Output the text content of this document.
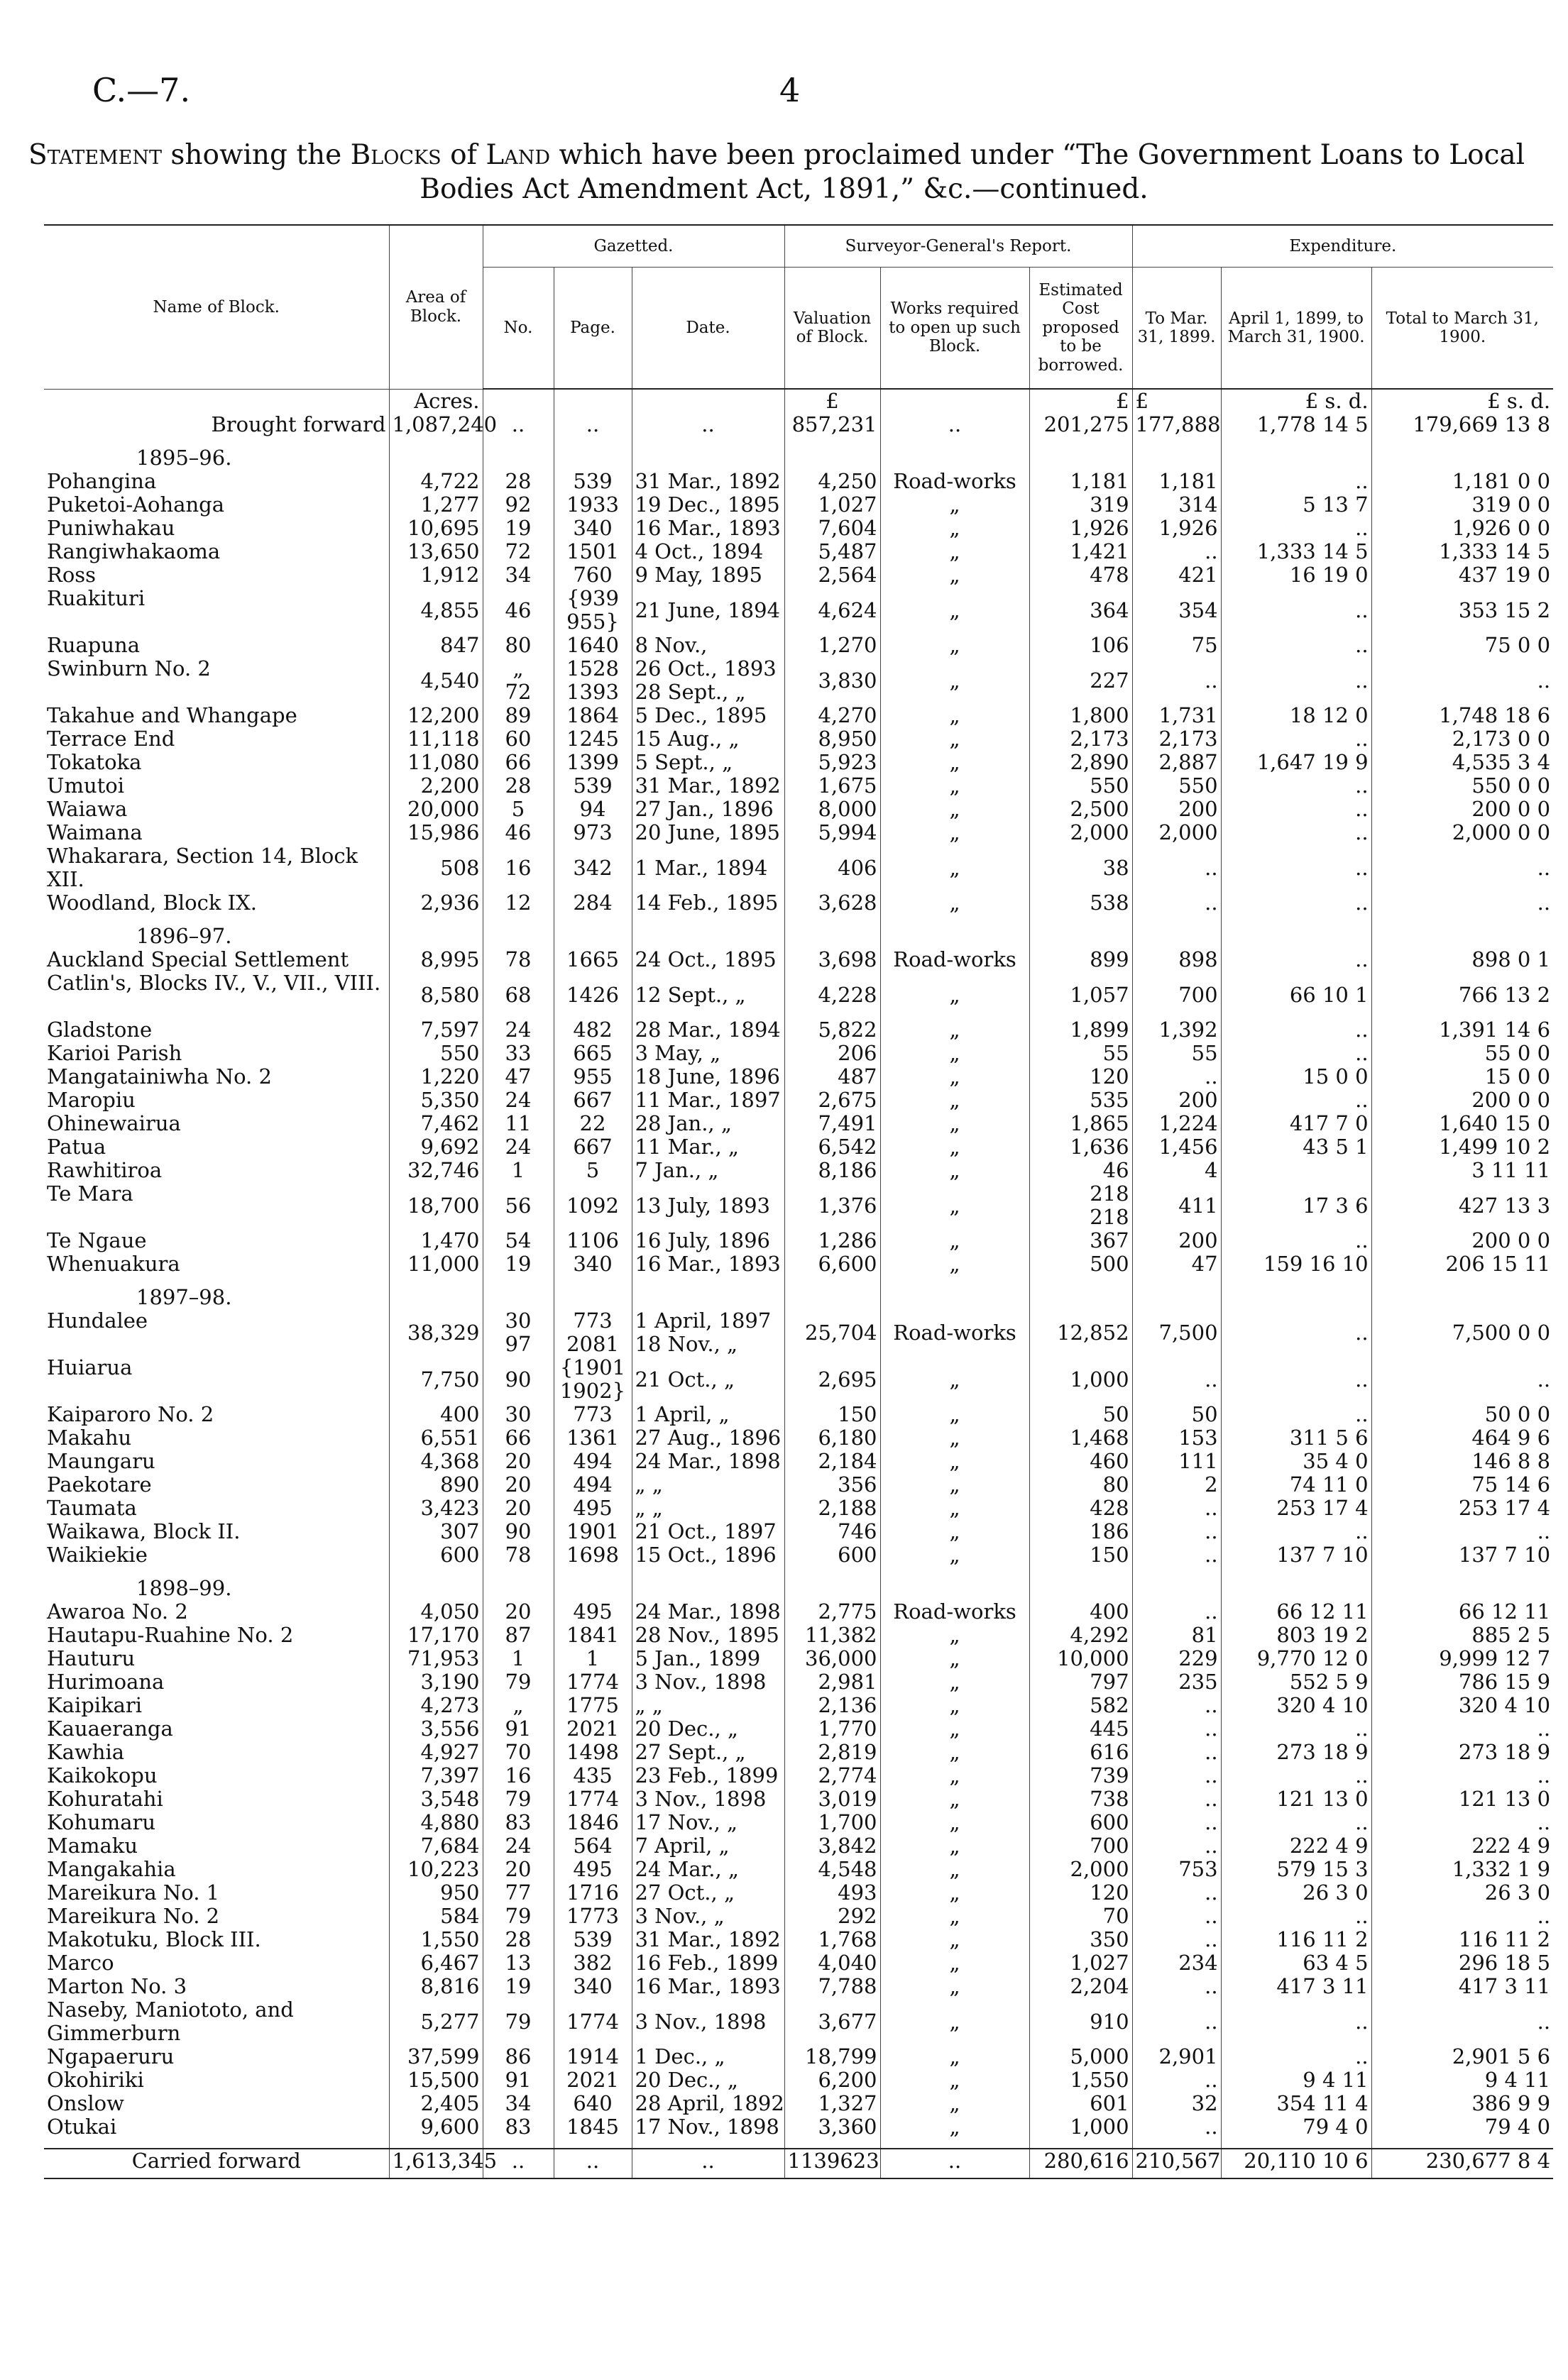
C.—7.	4
Statement showing the Blocks of Land which have been proclaimed under “The Government Loans to Local
Bodies Act Amendment Act, 1891,” &c.—continued.
Name of Block.	Area of Block.	Gazetted.			Surveyor-General's Report.			Expenditure.		
		No.	Page.	Date.	Valuation of Block.	Works required to open up such Block.	Estimated Cost proposed to be borrowed.	To Mar. 31, 1899.	April 1, 1899, to March 31, 1900.	Total to March 31, 1900.
	Acres.				£		£	£	£ s. d.	£ s. d.
Brought forward	1,087,240	..	..	..	857,231	..	201,275	177,888	1,778 14 5	179,669 13 8

1895–96.										
Pohangina	4,722	28	539	31 Mar., 1892	4,250	Road-works	1,181	1,181	..	1,181 0 0
Puketoi-Aohanga	1,277	92	1933	19 Dec., 1895	1,027	„	319	314	5 13 7	319 0 0
Puniwhakau	10,695	19	340	16 Mar., 1893	7,604	„	1,926	1,926	..	1,926 0 0
Rangiwhakaoma	13,650	72	1501	4 Oct., 1894	5,487	„	1,421	..	1,333 14 5	1,333 14 5
Ross	1,912	34	760	9 May, 1895	2,564	„	478	421	16 19 0	437 19 0
Ruakituri	4,855	46	{939
955}	21 June, 1894	4,624	„	364	354	..	353 15 2
Ruapuna	847	80	1640	8 Nov.,	1,270	„	106	75	..	75 0 0
Swinburn No. 2	4,540	„
72	1528
1393	26 Oct., 1893
28 Sept., „	3,830	„	227	..	..	..
Takahue and Whangape	12,200	89	1864	5 Dec., 1895	4,270	„	1,800	1,731	18 12 0	1,748 18 6
Terrace End	11,118	60	1245	15 Aug., „	8,950	„	2,173	2,173	..	2,173 0 0
Tokatoka	11,080	66	1399	5 Sept., „	5,923	„	2,890	2,887	1,647 19 9	4,535 3 4
Umutoi	2,200	28	539	31 Mar., 1892	1,675	„	550	550	..	550 0 0
Waiawa	20,000	5	94	27 Jan., 1896	8,000	„	2,500	200	..	200 0 0
Waimana	15,986	46	973	20 June, 1895	5,994	„	2,000	2,000	..	2,000 0 0
Whakarara, Section 14, Block XII.	508	16	342	1 Mar., 1894	406	„	38	..	..	..
Woodland, Block IX.	2,936	12	284	14 Feb., 1895	3,628	„	538	..	..	..

1896–97.										
Auckland Special Settlement	8,995	78	1665	24 Oct., 1895	3,698	Road-works	899	898	..	898 0 1
Catlin's, Blocks IV., V., VII., VIII.	8,580	68	1426	12 Sept., „	4,228	„	1,057	700	66 10 1	766 13 2
Gladstone	7,597	24	482	28 Mar., 1894	5,822	„	1,899	1,392	..	1,391 14 6
Karioi Parish	550	33	665	3 May, „	206	„	55	55	..	55 0 0
Mangatainiwha No. 2	1,220	47	955	18 June, 1896	487	„	120	..	15 0 0	15 0 0
Maropiu	5,350	24	667	11 Mar., 1897	2,675	„	535	200	..	200 0 0
Ohinewairua	7,462	11	22	28 Jan., „	7,491	„	1,865	1,224	417 7 0	1,640 15 0
Patua	9,692	24	667	11 Mar., „	6,542	„	1,636	1,456	43 5 1	1,499 10 2
Rawhitiroa	32,746	1	5	7 Jan., „	8,186	„	46	4		3 11 11
Te Mara	18,700	56	1092	13 July, 1893	1,376	„	218
218	411	17 3 6	427 13 3
Te Ngaue	1,470	54	1106	16 July, 1896	1,286	„	367	200	..	200 0 0
Whenuakura	11,000	19	340	16 Mar., 1893	6,600	„	500	47	159 16 10	206 15 11

1897–98.										
Hundalee	38,329	30
97	773
2081	1 April, 1897
18 Nov., „	25,704	Road-works	12,852	7,500	..	7,500 0 0
Huiarua	7,750	90	{1901
1902}	21 Oct., „	2,695	„	1,000	..	..	..
Kaiparoro No. 2	400	30	773	1 April, „	150	„	50	50	..	50 0 0
Makahu	6,551	66	1361	27 Aug., 1896	6,180	„	1,468	153	311 5 6	464 9 6
Maungaru	4,368	20	494	24 Mar., 1898	2,184	„	460	111	35 4 0	146 8 8
Paekotare	890	20	494	„ „	356	„	80	2	74 11 0	75 14 6
Taumata	3,423	20	495	„ „	2,188	„	428	..	253 17 4	253 17 4
Waikawa, Block II.	307	90	1901	21 Oct., 1897	746	„	186	..	..	..
Waikiekie	600	78	1698	15 Oct., 1896	600	„	150	..	137 7 10	137 7 10

1898–99.										
Awaroa No. 2	4,050	20	495	24 Mar., 1898	2,775	Road-works	400	..	66 12 11	66 12 11
Hautapu-Ruahine No. 2	17,170	87	1841	28 Nov., 1895	11,382	„	4,292	81	803 19 2	885 2 5
Hauturu	71,953	1	1	5 Jan., 1899	36,000	„	10,000	229	9,770 12 0	9,999 12 7
Hurimoana	3,190	79	1774	3 Nov., 1898	2,981	„	797	235	552 5 9	786 15 9
Kaipikari	4,273	„	1775	„ „	2,136	„	582	..	320 4 10	320 4 10
Kauaeranga	3,556	91	2021	20 Dec., „	1,770	„	445	..	..	..
Kawhia	4,927	70	1498	27 Sept., „	2,819	„	616	..	273 18 9	273 18 9
Kaikokopu	7,397	16	435	23 Feb., 1899	2,774	„	739	..	..	..
Kohuratahi	3,548	79	1774	3 Nov., 1898	3,019	„	738	..	121 13 0	121 13 0
Kohumaru	4,880	83	1846	17 Nov., „	1,700	„	600	..	..	..
Mamaku	7,684	24	564	7 April, „	3,842	„	700	..	222 4 9	222 4 9
Mangakahia	10,223	20	495	24 Mar., „	4,548	„	2,000	753	579 15 3	1,332 1 9
Mareikura No. 1	950	77	1716	27 Oct., „	493	„	120	..	26 3 0	26 3 0
Mareikura No. 2	584	79	1773	3 Nov., „	292	„	70	..	..	..
Makotuku, Block III.	1,550	28	539	31 Mar., 1892	1,768	„	350	..	116 11 2	116 11 2
Marco	6,467	13	382	16 Feb., 1899	4,040	„	1,027	234	63 4 5	296 18 5
Marton No. 3	8,816	19	340	16 Mar., 1893	7,788	„	2,204	..	417 3 11	417 3 11
Naseby, Maniototo, and Gimmerburn	5,277	79	1774	3 Nov., 1898	3,677	„	910	..	..	..
Ngapaeruru	37,599	86	1914	1 Dec., „	18,799	„	5,000	2,901	..	2,901 5 6
Okohiriki	15,500	91	2021	20 Dec., „	6,200	„	1,550	..	9 4 11	9 4 11
Onslow	2,405	34	640	28 April, 1892	1,327	„	601	32	354 11 4	386 9 9
Otukai	9,600	83	1845	17 Nov., 1898	3,360	„	1,000	..	79 4 0	79 4 0

Carried forward	1,613,345	..	..	..	1139623	..	280,616	210,567	20,110 10 6	230,677 8 4
